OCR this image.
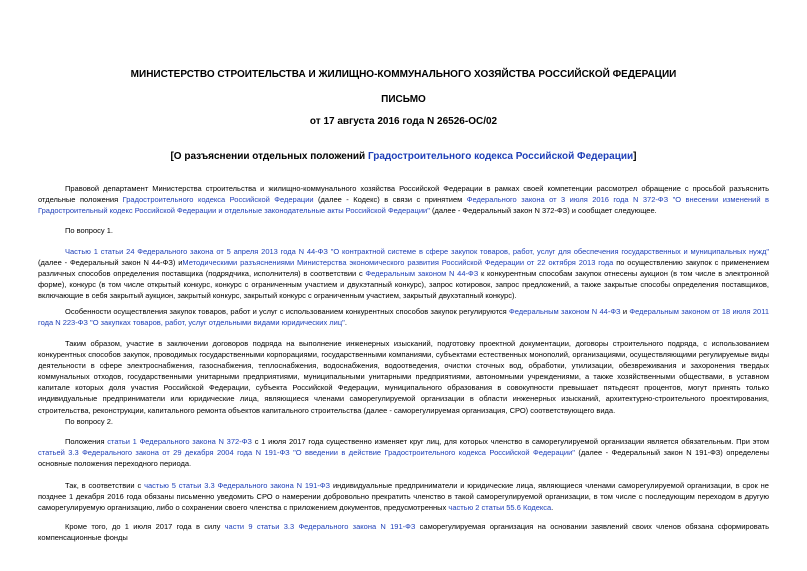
МИНИСТЕРСТВО СТРОИТЕЛЬСТВА И ЖИЛИЩНО-КОММУНАЛЬНОГО ХОЗЯЙСТВА РОССИЙСКОЙ ФЕДЕРАЦИИ
ПИСЬМО
от 17 августа 2016 года N 26526-ОС/02
[О разъяснении отдельных положений Градостроительного кодекса Российской Федерации]

Правовой департамент Министерства строительства и жилищно-коммунального хозяйства Российской Федерации в рамках своей компетенции рассмотрел обращение с просьбой разъяснить отдельные положения Градостроительного кодекса Российской Федерации (далее - Кодекс) в связи с принятием Федерального закона от 3 июля 2016 года N 372-ФЗ "О внесении изменений в Градостроительный кодекс Российской Федерации и отдельные законодательные акты Российской Федерации" (далее - Федеральный закон N 372-ФЗ) и сообщает следующее.

По вопросу 1.

Частью 1 статьи 24 Федерального закона от 5 апреля 2013 года N 44-ФЗ "О контрактной системе в сфере закупок товаров, работ, услуг для обеспечения государственных и муниципальных нужд" (далее - Федеральный закон N 44-ФЗ) иМетодическими разъяснениями Министерства экономического развития Российской Федерации от 22 октября 2013 года по осуществлению закупок с применением различных способов определения поставщика (подрядчика, исполнителя) в соответствии с Федеральным законом N 44-ФЗ к конкурентным способам закупок отнесены аукцион (в том числе в электронной форме), конкурс (в том числе открытый конкурс, конкурс с ограниченным участием и двухэтапный конкурс), запрос котировок, запрос предложений, а также закрытые способы определения поставщиков, включающие в себя закрытый аукцион, закрытый конкурс, закрытый конкурс с ограниченным участием, закрытый двухэтапный конкурс).

Особенности осуществления закупок товаров, работ и услуг с использованием конкурентных способов закупок регулируются Федеральным законом N 44-ФЗ и Федеральным законом от 18 июля 2011 года N 223-ФЗ "О закупках товаров, работ, услуг отдельными видами юридических лиц".

Таким образом, участие в заключении договоров подряда на выполнение инженерных изысканий, подготовку проектной документации, договоры строительного подряда, с использованием конкурентных способов закупок, проводимых государственными корпорациями, государственными компаниями, субъектами естественных монополий, организациями, осуществляющими регулируемые виды деятельности в сфере электроснабжения, газоснабжения, теплоснабжения, водоснабжения, водоотведения, очистки сточных вод, обработки, утилизации, обезвреживания и захоронения твердых коммунальных отходов, государственными унитарными предприятиями, муниципальными унитарными предприятиями, автономными учреждениями, а также хозяйственными обществами, в уставном капитале которых доля участия Российской Федерации, субъекта Российской Федерации, муниципального образования в совокупности превышает пятьдесят процентов, могут принять только индивидуальные предприниматели или юридические лица, являющиеся членами саморегулируемой организации в области инженерных изысканий, архитектурно-строительного проектирования, строительства, реконструкции, капитального ремонта объектов капитального строительства (далее - саморегулируемая организация, СРО) соответствующего вида.

По вопросу 2.

Положения статьи 1 Федерального закона N 372-ФЗ с 1 июля 2017 года существенно изменяет круг лиц, для которых членство в саморегулируемой организации является обязательным. При этом статьей 3.3 Федерального закона от 29 декабря 2004 года N 191-ФЗ "О введении в действие Градостроительного кодекса Российской Федерации" (далее - Федеральный закон N 191-ФЗ) определены основные положения переходного периода.

Так, в соответствии с частью 5 статьи 3.3 Федерального закона N 191-ФЗ индивидуальные предприниматели и юридические лица, являющиеся членами саморегулируемой организации, в срок не позднее 1 декабря 2016 года обязаны письменно уведомить СРО о намерении добровольно прекратить членство в такой саморегулируемой организации, в том числе с последующим переходом в другую саморегулируемую организацию, либо о сохранении своего членства с приложением документов, предусмотренных частью 2 статьи 55.6 Кодекса.

Кроме того, до 1 июля 2017 года в силу части 9 статьи 3.3 Федерального закона N 191-ФЗ саморегулируемая организация на основании заявлений своих членов обязана сформировать компенсационные фонды
